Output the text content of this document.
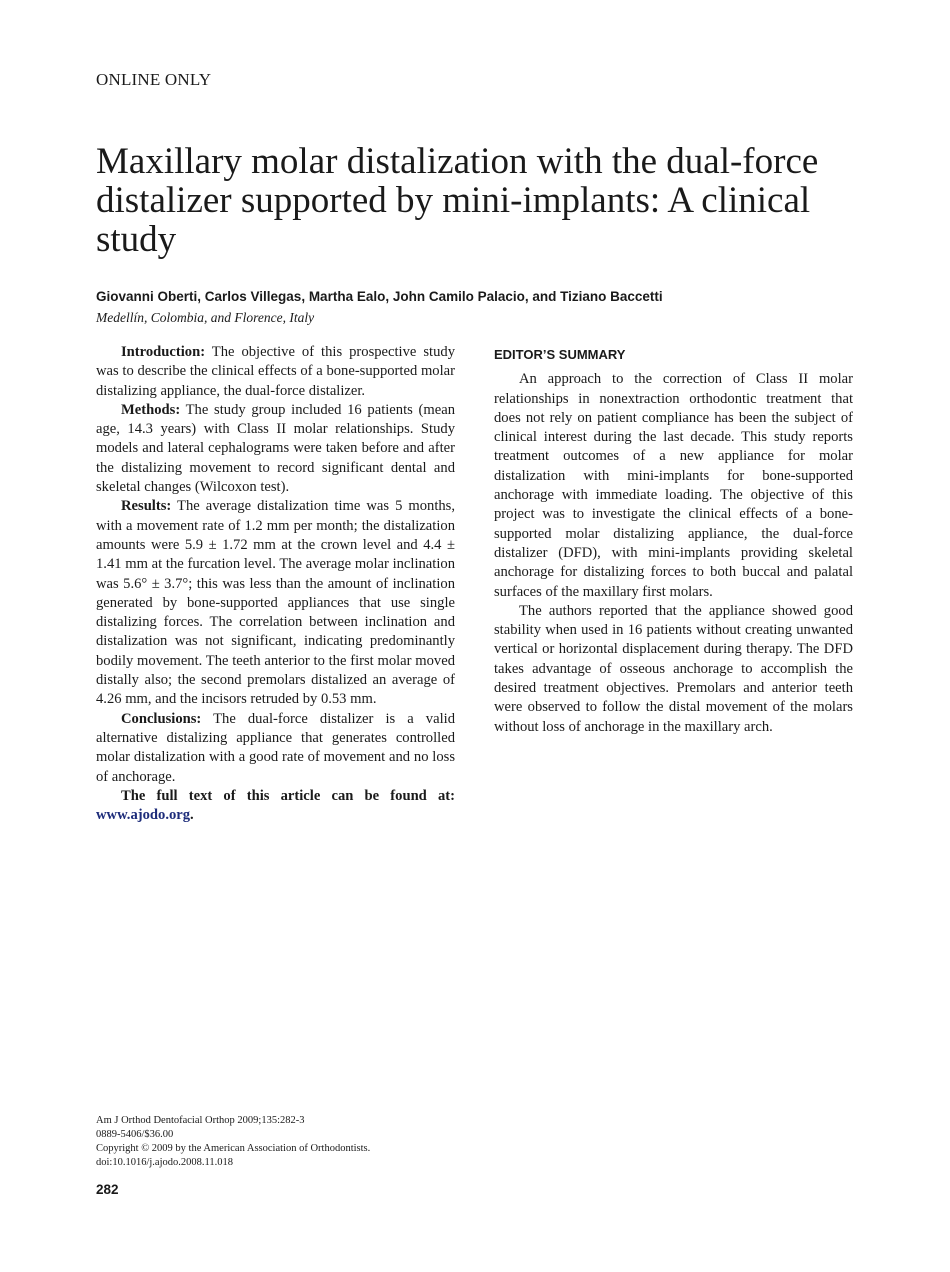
ONLINE ONLY
Maxillary molar distalization with the dual-force distalizer supported by mini-implants: A clinical study
Giovanni Oberti, Carlos Villegas, Martha Ealo, John Camilo Palacio, and Tiziano Baccetti
Medellín, Colombia, and Florence, Italy

Introduction: The objective of this prospective study was to describe the clinical effects of a bone-supported molar distalizing appliance, the dual-force distalizer.

Methods: The study group included 16 patients (mean age, 14.3 years) with Class II molar relationships. Study models and lateral cephalograms were taken before and after the distalizing movement to record significant dental and skeletal changes (Wilcoxon test).

Results: The average distalization time was 5 months, with a movement rate of 1.2 mm per month; the distalization amounts were 5.9 ± 1.72 mm at the crown level and 4.4 ± 1.41 mm at the furcation level. The average molar inclination was 5.6° ± 3.7°; this was less than the amount of inclination generated by bone-supported appliances that use single distalizing forces. The correlation between inclination and distalization was not significant, indicating predominantly bodily movement. The teeth anterior to the first molar moved distally also; the second premolars distalized an average of 4.26 mm, and the incisors retruded by 0.53 mm.

Conclusions: The dual-force distalizer is a valid alternative distalizing appliance that generates controlled molar distalization with a good rate of movement and no loss of anchorage.

The full text of this article can be found at: www.ajodo.org.

EDITOR’S SUMMARY

An approach to the correction of Class II molar relationships in nonextraction orthodontic treatment that does not rely on patient compliance has been the subject of clinical interest during the last decade. This study reports treatment outcomes of a new appliance for molar distalization with mini-implants for bone-supported anchorage with immediate loading. The objective of this project was to investigate the clinical effects of a bone-supported molar distalizing appliance, the dual-force distalizer (DFD), with mini-implants providing skeletal anchorage for distalizing forces to both buccal and palatal surfaces of the maxillary first molars.

The authors reported that the appliance showed good stability when used in 16 patients without creating unwanted vertical or horizontal displacement during therapy. The DFD takes advantage of osseous anchorage to accomplish the desired treatment objectives. Premolars and anterior teeth were observed to follow the distal movement of the molars without loss of anchorage in the maxillary arch.

Am J Orthod Dentofacial Orthop 2009;135:282-3
0889-5406/$36.00
Copyright © 2009 by the American Association of Orthodontists.
doi:10.1016/j.ajodo.2008.11.018
282
